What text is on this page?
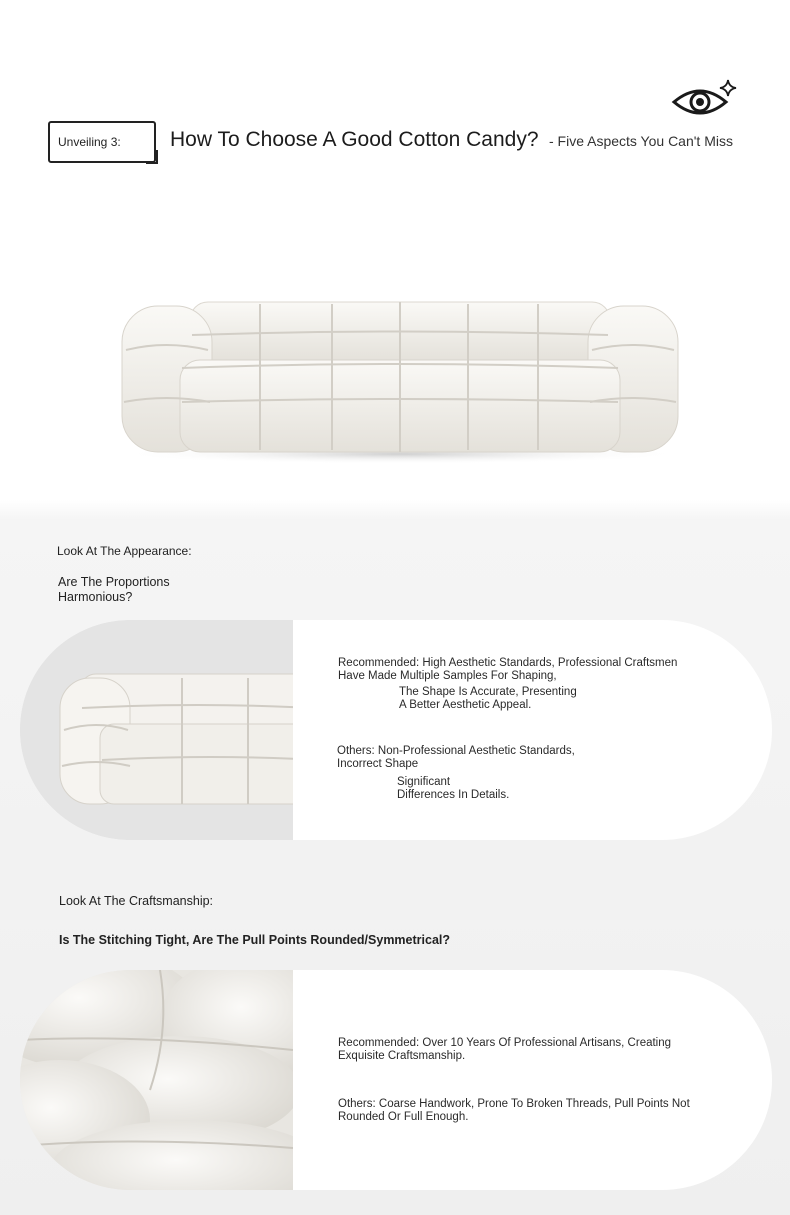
Unveiling 3:	How To Choose A Good Cotton Candy? - Five Aspects You Can't Miss
Look At The Appearance:
Are The Proportions
Harmonious?
Recommended: High Aesthetic Standards, Professional Craftsmen
Have Made Multiple Samples For Shaping,
The Shape Is Accurate, Presenting
A Better Aesthetic Appeal.
Others: Non-Professional Aesthetic Standards,
Incorrect Shape
Significant
Differences In Details.
Look At The Craftsmanship:
Is The Stitching Tight, Are The Pull Points Rounded/Symmetrical?
Recommended: Over 10 Years Of Professional Artisans, Creating
Exquisite Craftsmanship.
Others: Coarse Handwork, Prone To Broken Threads, Pull Points Not
Rounded Or Full Enough.
